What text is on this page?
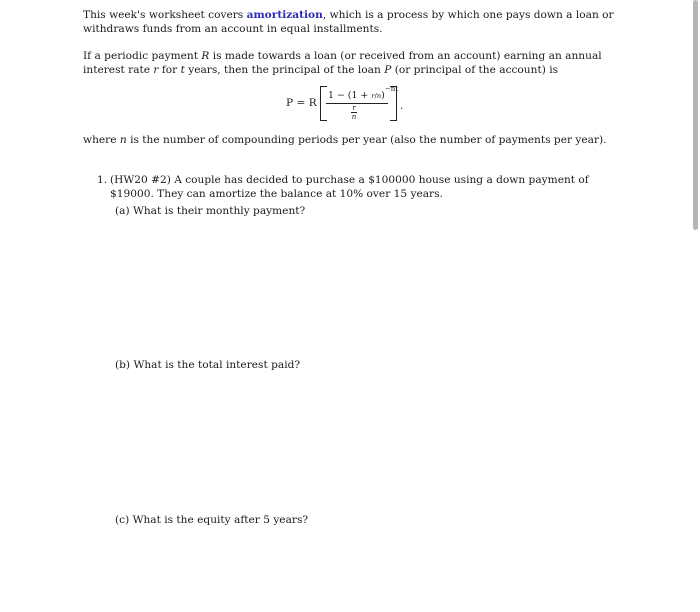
This week's worksheet covers amortization, which is a process by which one pays down a loan or withdraws funds from an account in equal installments.

If a periodic payment R is made towards a loan (or received from an account) earning an annual interest rate r for t years, then the principal of the loan P (or principal of the account) is

P = R
$1 - (1 + r/n)^{-nt}$
r
n
.

where n is the number of compounding periods per year (also the number of payments per year).

1. (HW20 #2) A couple has decided to purchase a $100000 house using a down payment of $19000. They can amortize the balance at 10% over 15 years.
(a) What is their monthly payment?
(b) What is the total interest paid?
(c) What is the equity after 5 years?
